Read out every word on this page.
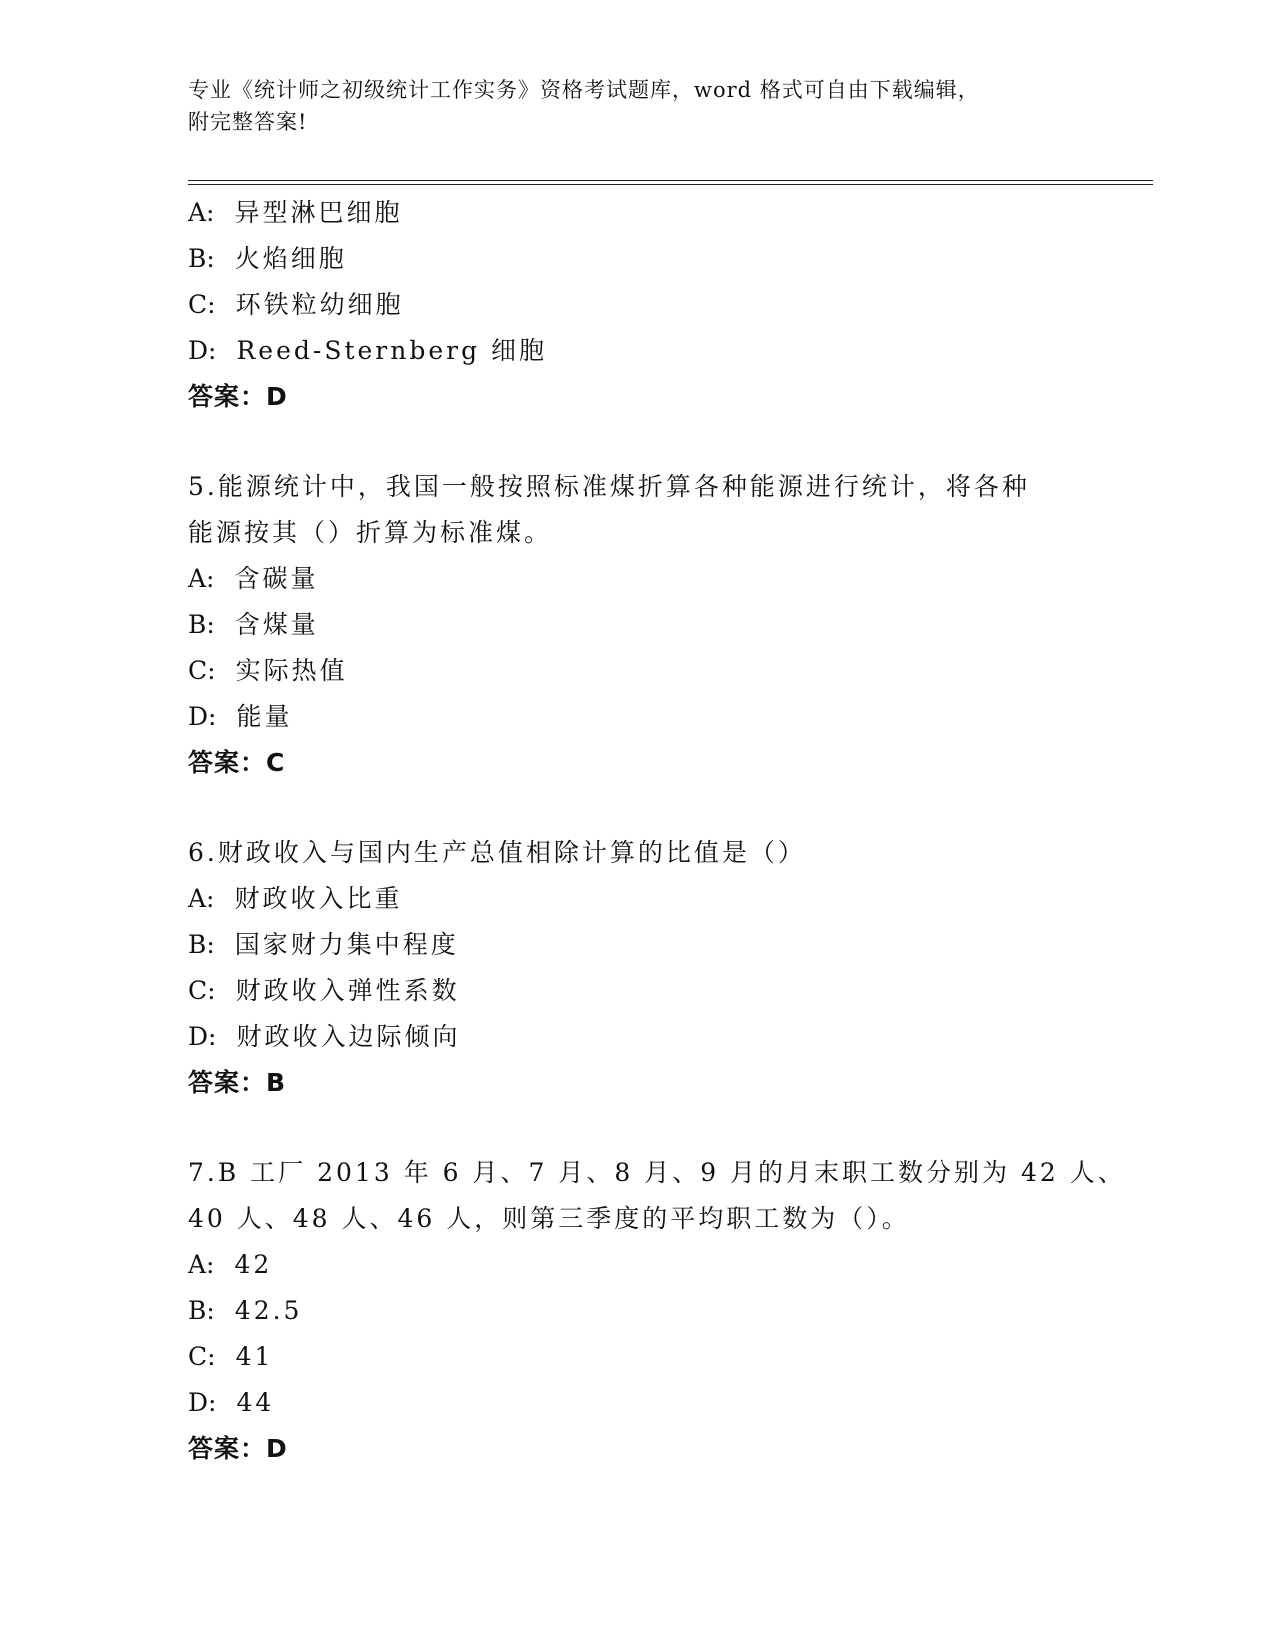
专业《统计师之初级统计工作实务》资格考试题库，word 格式可自由下载编辑，
附完整答案!
A: 异型淋巴细胞
B: 火焰细胞
C: 环铁粒幼细胞
D: Reed-Sternberg 细胞
答案：D
5.能源统计中，我国一般按照标准煤折算各种能源进行统计，将各种
能源按其（）折算为标准煤。
A: 含碳量
B: 含煤量
C: 实际热值
D: 能量
答案：C
6.财政收入与国内生产总值相除计算的比值是（）
A: 财政收入比重
B: 国家财力集中程度
C: 财政收入弹性系数
D: 财政收入边际倾向
答案：B
7.B 工厂 2013 年 6 月、7 月、8 月、9 月的月末职工数分别为 42 人、
40 人、48 人、46 人，则第三季度的平均职工数为（）。
A: 42
B: 42.5
C: 41
D: 44
答案：D
